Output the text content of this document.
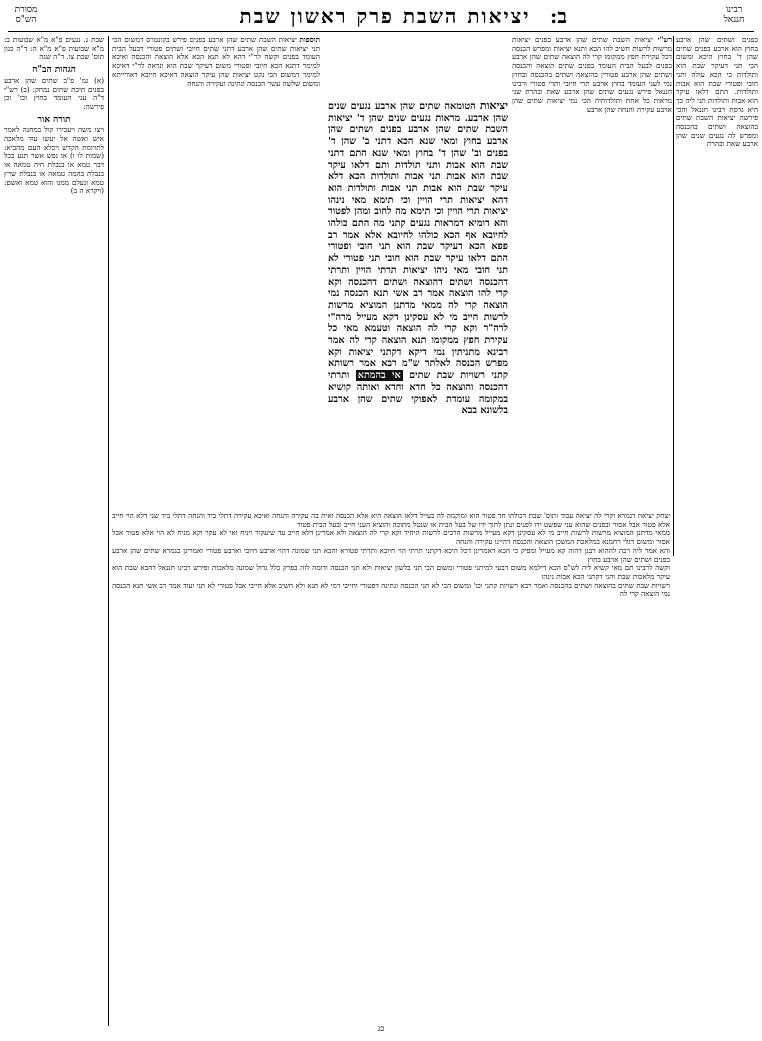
מסורת
הש"ס	יציאות השבת פרק ראשון שבת ב:	רבינו
חננאל

בפנים ושתים שהן ארבע בחוץ הוא ארבע בפנים שתים שהן ד' בחוץ היכא ומשום הכי תני דעיקר שבת הוא ותולדות כי הכא עולה ותני חובי ופטורי שבת הוא אבות ותולדות. התם דלאו עיקר הוא אבות ותולדות תני ליה כך היא גרסת רבינו חננאל והכי פירשה יציאות השבת שתים בהוצאה ושתים בהכנסה ומפרש לה נגעים שנים שהן ארבע שאת ובהרת

רש"י יציאות השבת שתים שהן ארבע בפנים יציאות מרשות לרשות חשיב להו הכא ותנא יציאות ומפרש הכנסה דכל עקירת חפץ ממקומו קרי לה הוצאה שתים שהן ארבע בפנים לבעל הבית העומד בפנים שתים הוצאה והכנסה ושתים שהן ארבע פטורין בהוצאה ושתים בהכנסה ובחוץ נמי לעני העומד בחוץ ארבע תרי חיובי ותרי פטורי ורבינו חננאל פירש נגעים שתים שהן ארבע שאת ובהרת שני מראות כל אחת ותולדותיה הכי נמי יציאות שתים שהן ארבע עקירה והנחה שהן ארבע

יציאות הטומאה שתים שהן ארבע נגעים שנים שהן ארבע. מראות נגעים שנים שהן ד' יציאות השבת שתים שהן ארבע בפנים ושתים שהן ארבע בחוץ ומאי שנא הכא דתני ב' שהן ד' בפנים וב' שהן ד' בחוץ ומאי שנא התם דתני שבת הוא אבות ותני תולדות ותם דלאו עיקר שבת הוא אבות תני אבות ותולדות הכא דלא עיקר שבת הוא אבות תני אבות ותולדות הוא דהא יציאות תרי הויין וכי תימא מאי נינהו יציאות תרי הויין וכי תימא מה לחוב ומהן לפטור והא דומיא דמראות נגעים קתני מה התם כולהו לחיובא אף הכא כולהו לחיובא אלא אמר רב פפא הכא דעיקר שבת הוא תני חובי ופטורי התם דלאו עיקר שבת הוא חובי תני פטורי לא תני חובי מאי ניהו יציאות תרתי הויין ותרתי דהכנסה ושתים דהוצאה ושתים דהכנסה וקא קרי להו הוצאה אמר רב אשי תנא הכנסה נמי הוצאה קרי לה ממאי מדתנן המוציא מרשות לרשות חייב מי לא עסקינן דקא מעייל מרה"י לרה"ר וקא קרי לה הוצאה וטעמא מאי כל עקירת חפץ ממקומו תנא הוצאה קרי לה אמר רבינא מתניתין נמי דיקא דקתני יציאות וקא מפרש הכנסה לאלתר ש"מ רבא אמר רשותא קתני רשויות שבת שתים אי בהמתא ותרתי דהכנסה והוצאה כל חדא וחדא ואותה קושיא במקומה עומדת לאפוקי שתים שהן ארבע בלשונא בבא

תוספות יציאות השבת שתים שהן ארבע בפנים פירש בקונטרס דמשום הכי תני יציאות שתים שהן ארבע דתני שתים חיובי ושתים פטורי דבעל הבית העומד בפנים וקשה לר"י דהא לא תנא הכא אלא הוצאה והכנסה ואיכא למימר דתנא הכא חיובי ופטורי משום דעיקר שבת הוא ונראה לר"י דאיכא למימר דמשום הכי נקט יציאות שהן עיקר הוצאה דאיכא חיובא דאורייתא ומשום שלשה עשר הכנסה ונתינה ועקירה והנחה

שבת ג. נגעים פ"א מ"א שבועות ב: מ"א שבועות פ"א מ"א ה: ד"ה כגון תוס' שבת צו. ד"ה שגה

הגהות הב"ח

(א) גמ' פ"ב שתים שהן ארבע בפנים תיבת שתים נמחק: (ב) רש"י ד"ה עני העומד בחוץ וכו' וכן פירשה:

תורה אור

ויצו משה ויעבירו קול במחנה לאמר איש ואשה אל יעשו עוד מלאכה לתרומת הקדש ויכלא העם מהביא: (שמות לו ו) או נפש אשר תגע בכל דבר טמא או בנבלת חיה טמאה או בנבלת בהמה טמאה או בנבלת שרץ טמא ונעלם ממנו והוא טמא ואשם: (ויקרא ה ב)

יצחק יציאה דגמרא וקרי לה יציאה עבוד ותוס' שבת דכולהו חד פטור הוא ומוקמה לה בעייל דלאו הוצאה היא אלא הכנסה ואית בה עקירה והנחה ואיכא עקירה דתלי ביד והנחה דתלי ביד שני דלא הוי חייב אלא פטור אבל אסור ובפנים שהוא עני שפשט ידו לפנים ונתן לתוך ידו של בעל הבית או שנטל מתוכה והוציא העני חייב ובעל הבית פטור

ממאי מדתנן המוציא מרשות לרשות חייב מי לא עסקינן דקא מעייל מרשות הרבים לרשות היחיד וקא קרי לה הוצאה ולא אמרינן דלא חייב עד שיעקור ויניח ואי לא עקר וקא מניח לא הוי אלא פטור אבל אסור ומשום דגלי רחמנא במלאכת המשכן הוצאה והכנסה דהיינו עקירה והנחה

והא אמר ליה רבה לההוא רבנן דהוה קא מעייל ומפיק כי הכא דאמרינן דכל היכא דקתני תרתי הוי חיובא ותרתי פטורא והכא תני שמונה דהוי ארבע חיובי וארבע פטורי ואמרינן בגמרא שתים שהן ארבע בפנים ושתים שהן ארבע בחוץ

וקשה לרבינו תם מאי קשיא ליה לש"ס הכא דילמא משום דבעי למיתני פטורי ומשום הכי תני בלשון יציאות ולא תני הכנסה ודומה לזה בפרק כלל גדול שמונה מלאכות ופירש רבינו חננאל דהכא שבת הוא עיקר מלאכות שבת והני דקתני הכא אבות נינהו

רשויות שבת שתים בהוצאה ושתים בהכנסה ואמר רבא רשויות קתני וכו' ומשום הכי לא תני הכנסה ונתינה דפטורי וחייבי דמי לא תנא ולא חשיב אלא חייבי אבל פטורי לא תני ועוד אמר רב אשי תנא הכנסה נמי הוצאה קרי לה

כג
